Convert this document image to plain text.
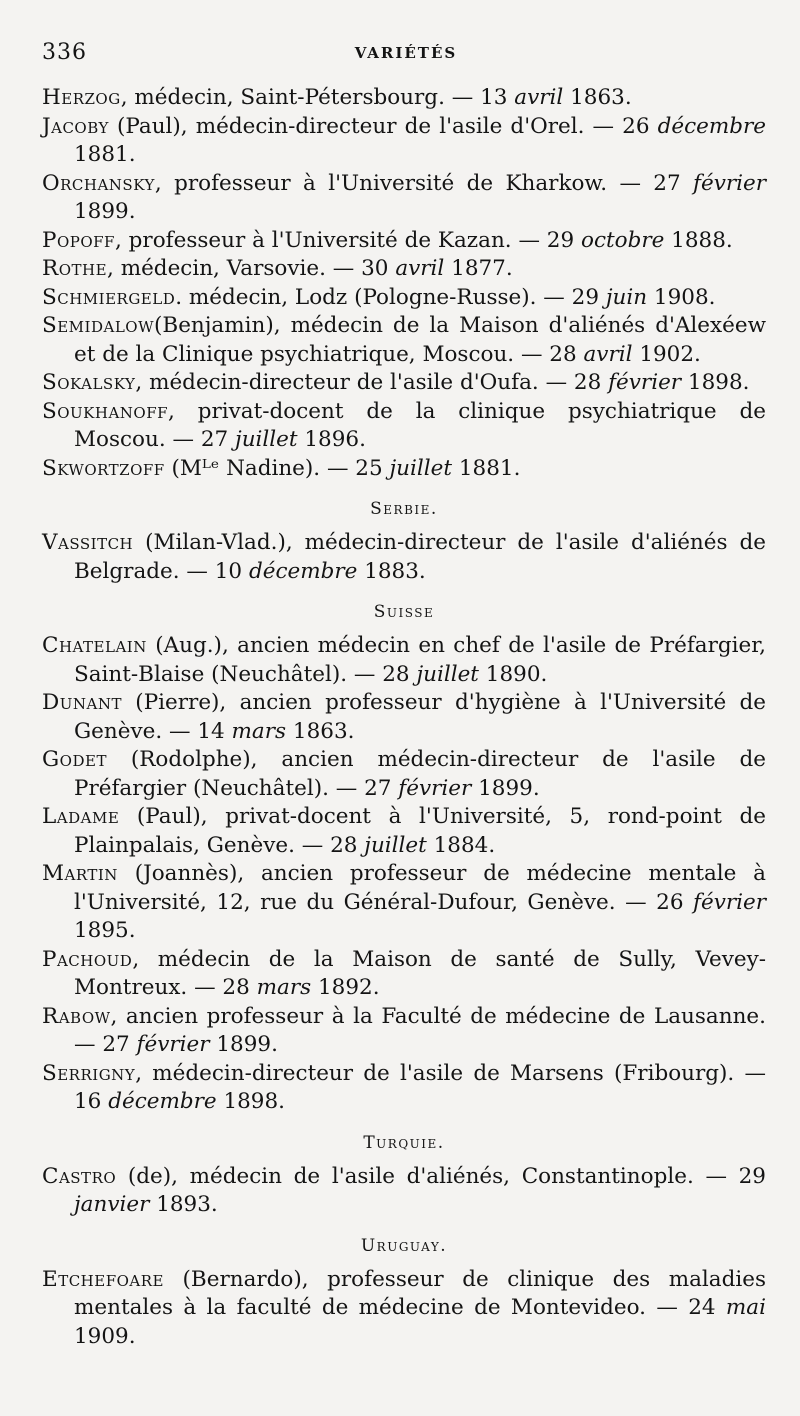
336	VARIÉTÉS

Herzog, médecin, Saint-Pétersbourg. — 13 avril 1863.

Jacoby (Paul), médecin-directeur de l'asile d'Orel. — 26 décembre 1881.

Orchansky, professeur à l'Université de Kharkow. — 27 février 1899.

Popoff, professeur à l'Université de Kazan. — 29 octobre 1888.

Rothe, médecin, Varsovie. — 30 avril 1877.

Schmiergeld. médecin, Lodz (Pologne-Russe). — 29 juin 1908.

Semidalow(Benjamin), médecin de la Maison d'aliénés d'Alexéew et de la Clinique psychiatrique, Moscou. — 28 avril 1902.

Sokalsky, médecin-directeur de l'asile d'Oufa. — 28 février 1898.

Soukhanoff, privat-docent de la clinique psychiatrique de Moscou. — 27 juillet 1896.

Skwortzoff (Mᴸᵉ Nadine). — 25 juillet 1881.

Serbie.

Vassitch (Milan-Vlad.), médecin-directeur de l'asile d'aliénés de Belgrade. — 10 décembre 1883.

Suisse

Chatelain (Aug.), ancien médecin en chef de l'asile de Préfargier, Saint-Blaise (Neuchâtel). — 28 juillet 1890.

Dunant (Pierre), ancien professeur d'hygiène à l'Université de Genève. — 14 mars 1863.

Godet (Rodolphe), ancien médecin-directeur de l'asile de Préfargier (Neuchâtel). — 27 février 1899.

Ladame (Paul), privat-docent à l'Université, 5, rond-point de Plainpalais, Genève. — 28 juillet 1884.

Martin (Joannès), ancien professeur de médecine mentale à l'Université, 12, rue du Général-Dufour, Genève. — 26 février 1895.

Pachoud, médecin de la Maison de santé de Sully, Vevey-Montreux. — 28 mars 1892.

Rabow, ancien professeur à la Faculté de médecine de Lausanne. — 27 février 1899.

Serrigny, médecin-directeur de l'asile de Marsens (Fribourg). — 16 décembre 1898.

Turquie.

Castro (de), médecin de l'asile d'aliénés, Constantinople. — 29 janvier 1893.

Uruguay.

Etchefoare (Bernardo), professeur de clinique des maladies mentales à la faculté de médecine de Montevideo. — 24 mai 1909.
